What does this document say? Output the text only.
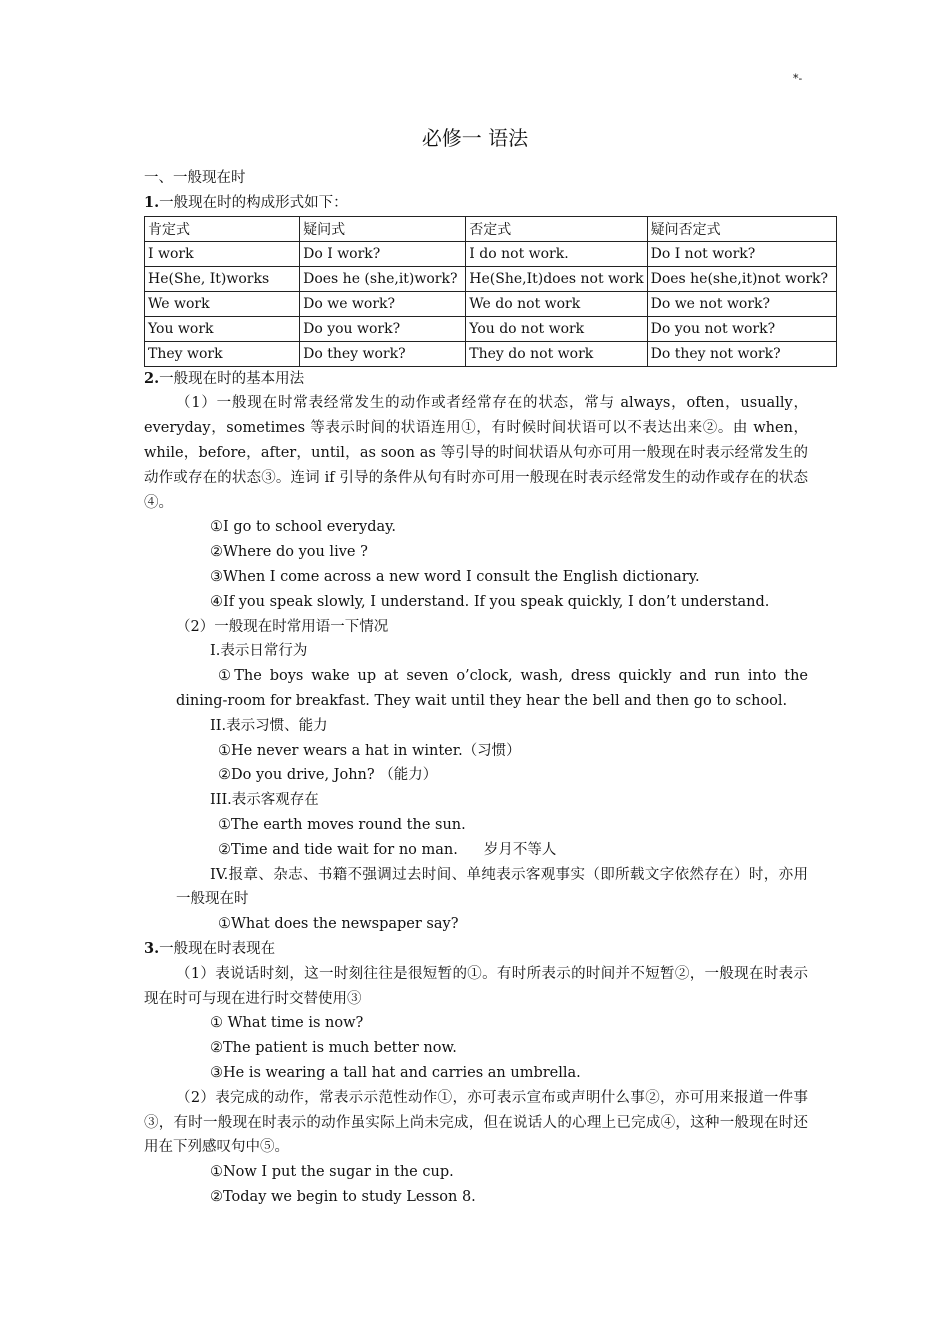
*-
必修一 语法
一、一般现在时
1.一般现在时的构成形式如下：
肯定式	疑问式	否定式	疑问否定式
I work	Do I work?	I do not work.	Do I not work?
He(She, It)works	Does he (she,it)work?	He(She,It)does not work	Does he(she,it)not work?
We work	Do we work?	We do not work	Do we not work?
You work	Do you work?	You do not work	Do you not work?
They work	Do they work?	They do not work	Do they not work?
2.一般现在时的基本用法
（1）一般现在时常表经常发生的动作或者经常存在的状态，常与 always，often，usually，everyday，sometimes 等表示时间的状语连用①，有时候时间状语可以不表达出来②。由 when，while，before，after，until，as soon as 等引导的时间状语从句亦可用一般现在时表示经常发生的动作或存在的状态③。连词 if 引导的条件从句有时亦可用一般现在时表示经常发生的动作或存在的状态④。
①I go to school everyday.
②Where do you live ?
③When I come across a new word I consult the English dictionary.
④If you speak slowly, I understand. If you speak quickly, I don’t understand.
（2）一般现在时常用语一下情况
I.表示日常行为
①The boys wake up at seven o’clock, wash, dress quickly and run into the dining-room for breakfast. They wait until they hear the bell and then go to school.
II.表示习惯、能力
①He never wears a hat in winter.（习惯）
②Do you drive, John? （能力）
III.表示客观存在
①The earth moves round the sun.
②Time and tide wait for no man. 岁月不等人
IV.报章、杂志、书籍不强调过去时间、单纯表示客观事实（即所载文字依然存在）时，亦用一般现在时
①What does the newspaper say?
3.一般现在时表现在
（1）表说话时刻，这一时刻往往是很短暂的①。有时所表示的时间并不短暂②，一般现在时表示现在时可与现在进行时交替使用③
① What time is now?
②The patient is much better now.
③He is wearing a tall hat and carries an umbrella.
（2）表完成的动作，常表示示范性动作①，亦可表示宣布或声明什么事②，亦可用来报道一件事③，有时一般现在时表示的动作虽实际上尚未完成，但在说话人的心理上已完成④，这种一般现在时还用在下列感叹句中⑤。
①Now I put the sugar in the cup.
②Today we begin to study Lesson 8.
